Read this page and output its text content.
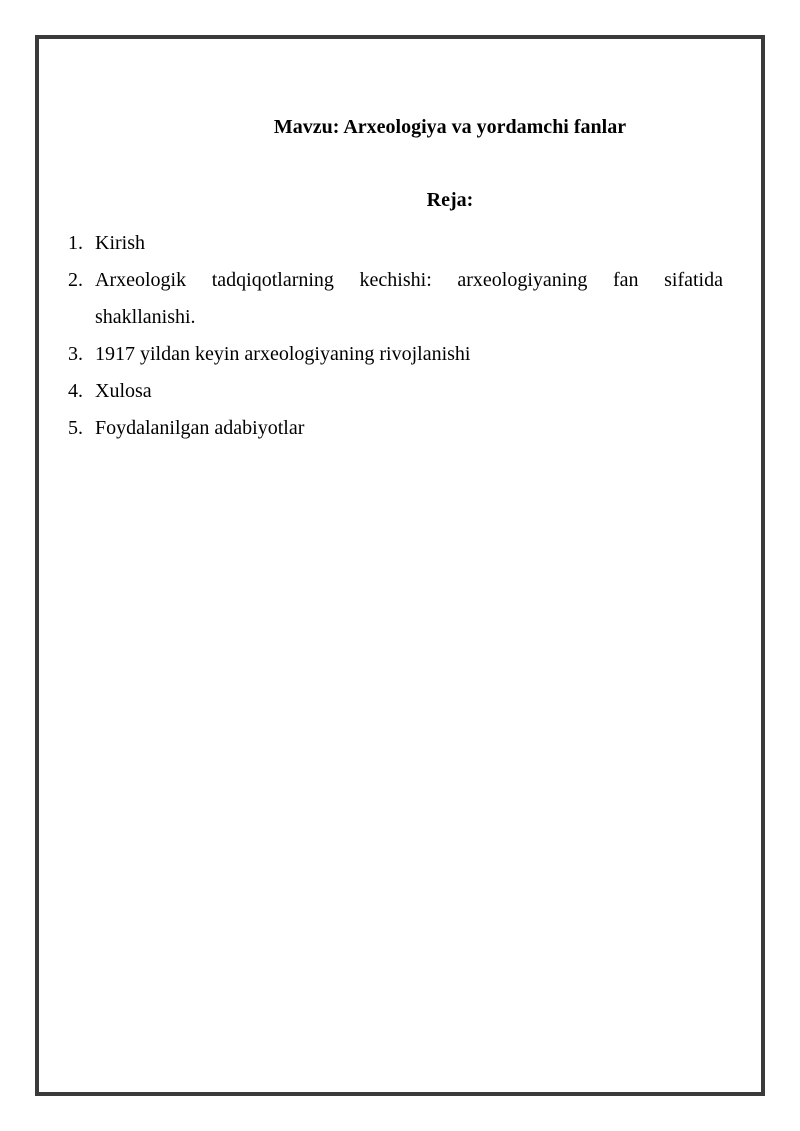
Mavzu: Arxeologiya va yordamchi fanlar
Reja:
1. Kirish
2. Arxeologik tadqiqotlarning kechishi: arxeologiyaning fan sifatida shakllanishi.
3. 1917 yildan keyin arxeologiyaning rivojlanishi
4. Xulosa
5. Foydalanilgan adabiyotlar
